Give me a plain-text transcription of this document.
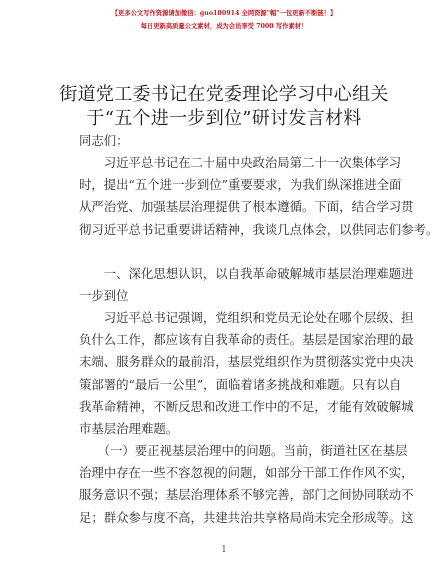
【更多公文写作资源请加微信：guo180914 全网资源"帽"一包更新不断链！】
每日更新高质量公文素材，成为会员享受 7000 写作素材！
街道党工委书记在党委理论学习中心组关
于“五个进一步到位”研讨发言材料
同志们：
　　习近平总书记在二十届中央政治局第二十一次集体学习
时，提出“五个进一步到位”重要要求，为我们纵深推进全面
从严治党、加强基层治理提供了根本遵循。下面，结合学习贯
彻习近平总书记重要讲话精神，我谈几点体会，以供同志们参考。
　　一、深化思想认识，以自我革命破解城市基层治理难题进
一步到位
　　习近平总书记强调，党组织和党员无论处在哪个层级、担
负什么工作，都应该有自我革命的责任。基层是国家治理的最
末端、服务群众的最前沿，基层党组织作为贯彻落实党中央决
策部署的“最后一公里”，面临着诸多挑战和难题。只有以自
我革命精神，不断反思和改进工作中的不足，才能有效破解城
市基层治理难题。
　　（一）要正视基层治理中的问题。当前，街道社区在基层
治理中存在一些不容忽视的问题，如部分干部工作作风不实，
服务意识不强；基层治理体系不够完善，部门之间协同联动不
足；群众参与度不高，共建共治共享格局尚未完全形成等。这
1
